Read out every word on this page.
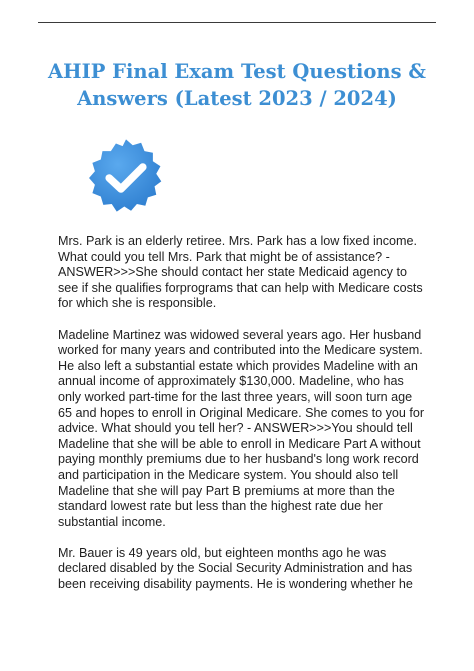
AHIP Final Exam Test Questions &
Answers (Latest 2023 / 2024)

Mrs. Park is an elderly retiree. Mrs. Park has a low fixed income.
What could you tell Mrs. Park that might be of assistance? -
ANSWER>>>She should contact her state Medicaid agency to
see if she qualifies forprograms that can help with Medicare costs
for which she is responsible.

Madeline Martinez was widowed several years ago. Her husband
worked for many years and contributed into the Medicare system.
He also left a substantial estate which provides Madeline with an
annual income of approximately $130,000. Madeline, who has
only worked part-time for the last three years, will soon turn age
65 and hopes to enroll in Original Medicare. She comes to you for
advice. What should you tell her? - ANSWER>>>You should tell
Madeline that she will be able to enroll in Medicare Part A without
paying monthly premiums due to her husband's long work record
and participation in the Medicare system. You should also tell
Madeline that she will pay Part B premiums at more than the
standard lowest rate but less than the highest rate due her
substantial income.

Mr. Bauer is 49 years old, but eighteen months ago he was
declared disabled by the Social Security Administration and has
been receiving disability payments. He is wondering whether he
